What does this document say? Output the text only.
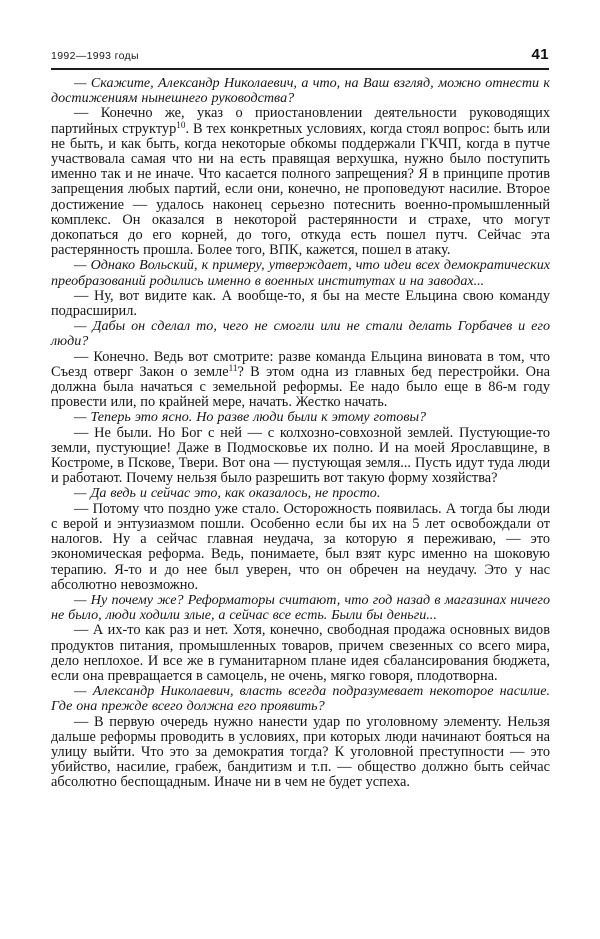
1992—1993 годы	41

— Скажите, Александр Николаевич, а что, на Ваш взгляд, можно отнести к достижениям нынешнего руководства?

— Конечно же, указ о приостановлении деятельности руководящих партийных структур$^{10}$. В тех конкретных условиях, когда стоял вопрос: быть или не быть, и как быть, когда некоторые обкомы поддержали ГКЧП, когда в путче участвовала самая что ни на есть правящая верхушка, нужно было поступить именно так и не иначе. Что касается полного запрещения? Я в принципе против запрещения любых партий, если они, конечно, не проповедуют насилие. Второе достижение — удалось наконец серьезно потеснить военно-промышленный комплекс. Он оказался в некоторой растерянности и страхе, что могут докопаться до его корней, до того, откуда есть пошел путч. Сейчас эта растерянность прошла. Более того, ВПК, кажется, пошел в атаку.

— Однако Вольский, к примеру, утверждает, что идеи всех демократических преобразований родились именно в военных институтах и на заводах...

— Ну, вот видите как. А вообще-то, я бы на месте Ельцина свою команду подрасширил.

— Дабы он сделал то, чего не смогли или не стали делать Горбачев и его люди?

— Конечно. Ведь вот смотрите: разве команда Ельцина виновата в том, что Съезд отверг Закон о земле$^{11}$? В этом одна из главных бед перестройки. Она должна была начаться с земельной реформы. Ее надо было еще в 86-м году провести или, по крайней мере, начать. Жестко начать.

— Теперь это ясно. Но разве люди были к этому готовы?

— Не были. Но Бог с ней — с колхозно-совхозной землей. Пустующие-то земли, пустующие! Даже в Подмосковье их полно. И на моей Ярославщине, в Костроме, в Пскове, Твери. Вот она — пустующая земля... Пусть идут туда люди и работают. Почему нельзя было разрешить вот такую форму хозяйства?

— Да ведь и сейчас это, как оказалось, не просто.

— Потому что поздно уже стало. Осторожность появилась. А тогда бы люди с верой и энтузиазмом пошли. Особенно если бы их на 5 лет освобождали от налогов. Ну а сейчас главная неудача, за которую я переживаю, — это экономическая реформа. Ведь, понимаете, был взят курс именно на шоковую терапию. Я-то и до нее был уверен, что он обречен на неудачу. Это у нас абсолютно невозможно.

— Ну почему же? Реформаторы считают, что год назад в магазинах ничего не было, люди ходили злые, а сейчас все есть. Были бы деньги...

— А их-то как раз и нет. Хотя, конечно, свободная продажа основных видов продуктов питания, промышленных товаров, причем свезенных со всего мира, дело неплохое. И все же в гуманитарном плане идея сбалансирования бюджета, если она превращается в самоцель, не очень, мягко говоря, плодотворна.

— Александр Николаевич, власть всегда подразумевает некоторое насилие. Где она прежде всего должна его проявить?

— В первую очередь нужно нанести удар по уголовному элементу. Нельзя дальше реформы проводить в условиях, при которых люди начинают бояться на улицу выйти. Что это за демократия тогда? К уголовной преступности — это убийство, насилие, грабеж, бандитизм и т.п. — общество должно быть сейчас абсолютно беспощадным. Иначе ни в чем не будет успеха.
